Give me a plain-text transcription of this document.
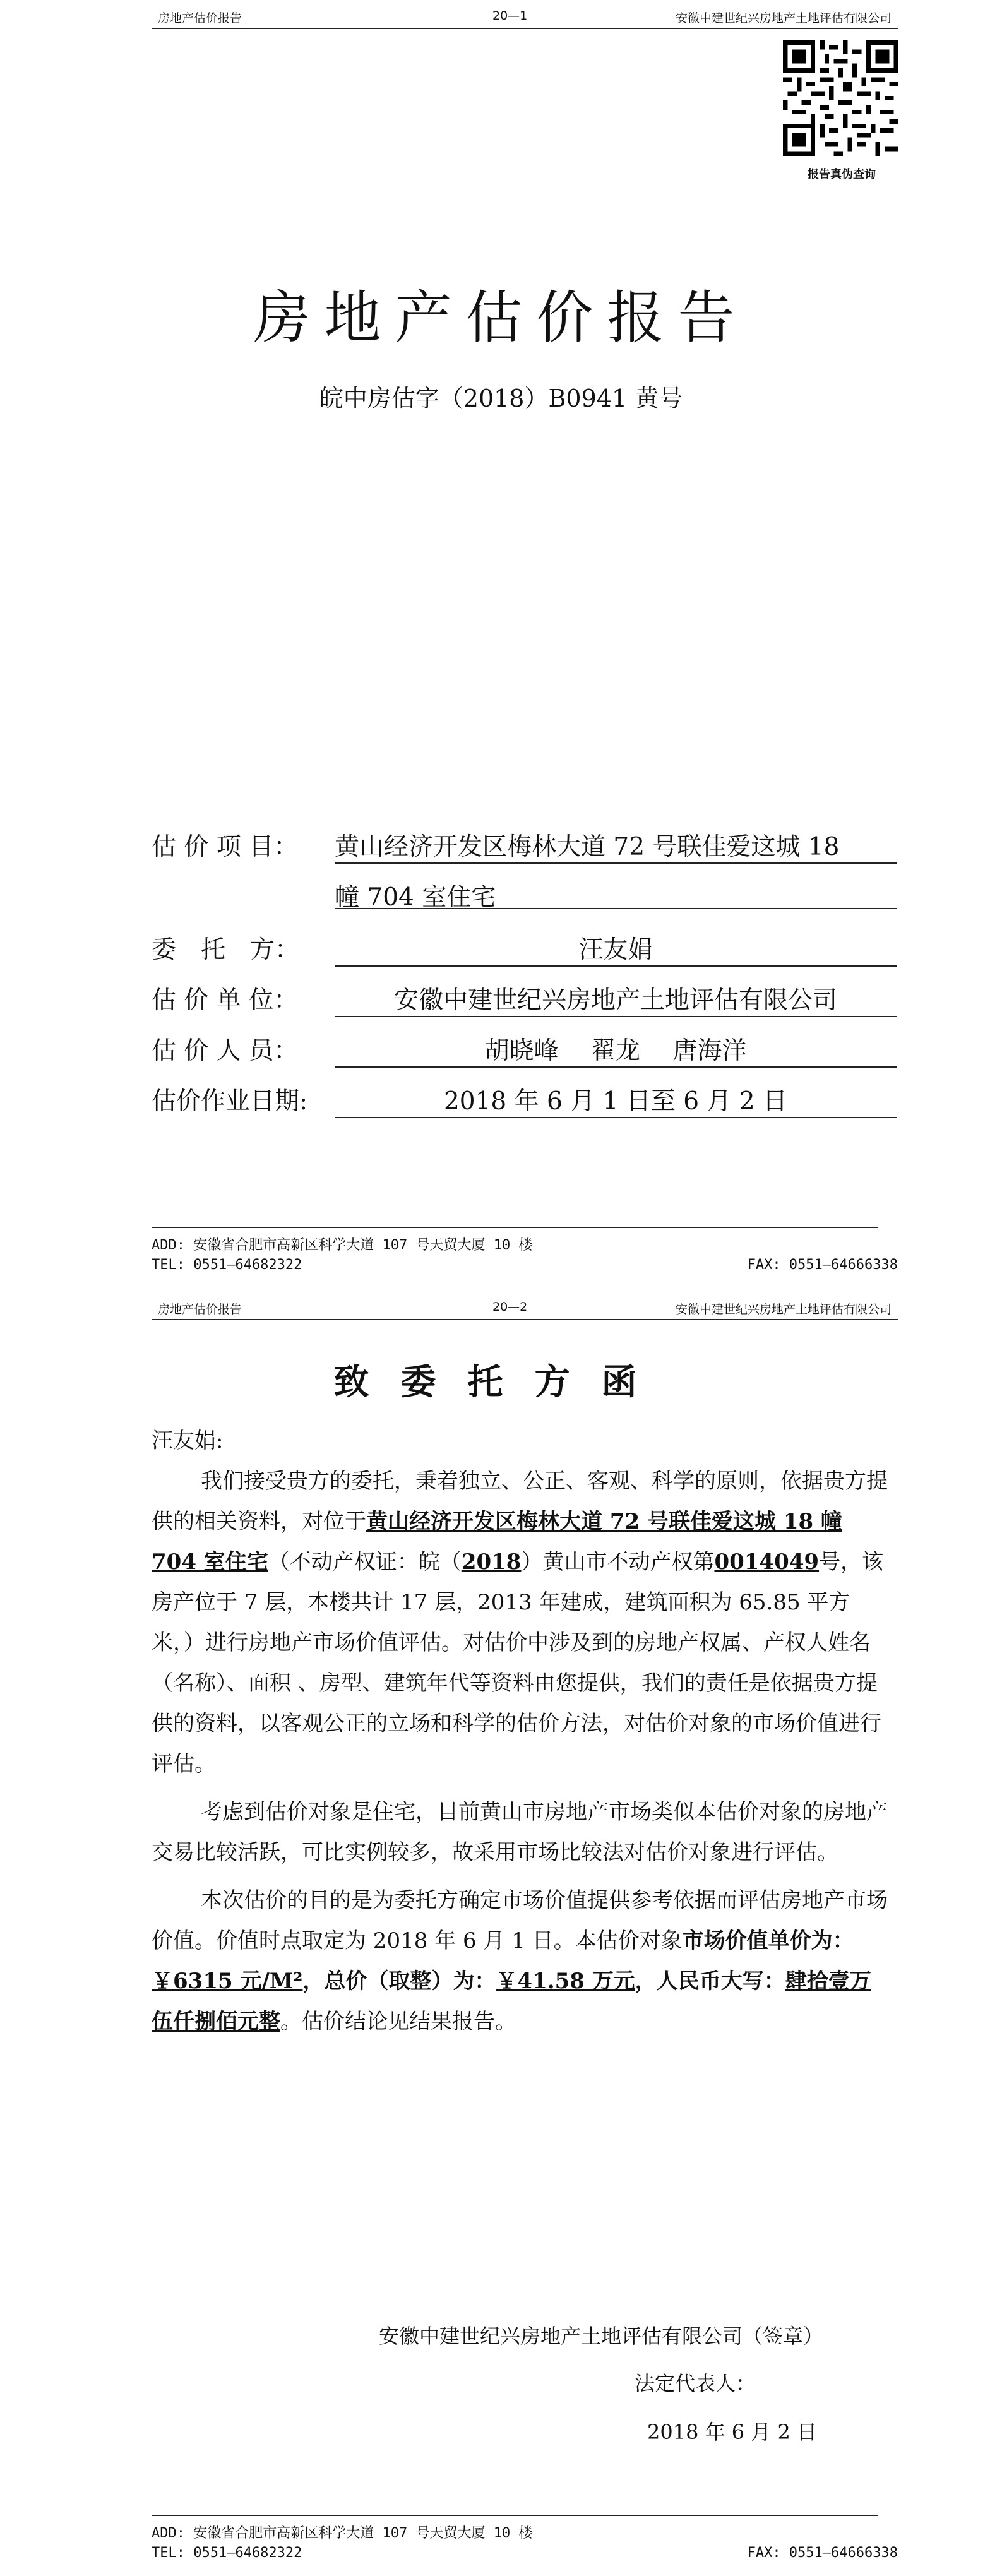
房地产估价报告	20—1	安徽中建世纪兴房地产土地评估有限公司
报告真伪查询
房地产估价报告
皖中房估字（2018）B0941 黄号
估 价 项 目： 黄山经济开发区梅林大道 72 号联佳爱这城 18
幢 704 室住宅
委　托　方：	汪友娟
估 价 单 位：	安徽中建世纪兴房地产土地评估有限公司
估 价 人 员：	胡晓峰　 翟龙　 唐海洋
估价作业日期:	2018 年 6 月 1 日至 6 月 2 日
ADD: 安徽省合肥市高新区科学大道 107 号天贸大厦 10 楼
TEL: 0551—64682322	FAX: 0551—64666338
房地产估价报告	20—2	安徽中建世纪兴房地产土地评估有限公司
致委托方函

汪友娟:

我们接受贵方的委托，秉着独立、公正、客观、科学的原则，依据贵方提供的相关资料，对位于黄山经济开发区梅林大道 72 号联佳爱这城 18 幢 704 室住宅（不动产权证：皖（2018）黄山市不动产权第0014049号，该房产位于 7 层，本楼共计 17 层，2013 年建成，建筑面积为 65.85 平方米，）进行房地产市场价值评估。对估价中涉及到的房地产权属、产权人姓名（名称）、面积 、房型、建筑年代等资料由您提供，我们的责任是依据贵方提供的资料，以客观公正的立场和科学的估价方法，对估价对象的市场价值进行评估。

考虑到估价对象是住宅，目前黄山市房地产市场类似本估价对象的房地产交易比较活跃，可比实例较多，故采用市场比较法对估价对象进行评估。

本次估价的目的是为委托方确定市场价值提供参考依据而评估房地产市场价值。价值时点取定为 2018 年 6 月 1 日。本估价对象市场价值单价为：￥6315 元/M²，总价（取整）为：￥41.58 万元，人民币大写：肆拾壹万伍仟捌佰元整。估价结论见结果报告。

安徽中建世纪兴房地产土地评估有限公司（签章）
法定代表人：
2018 年 6 月 2 日
ADD: 安徽省合肥市高新区科学大道 107 号天贸大厦 10 楼
TEL: 0551—64682322	FAX: 0551—64666338
